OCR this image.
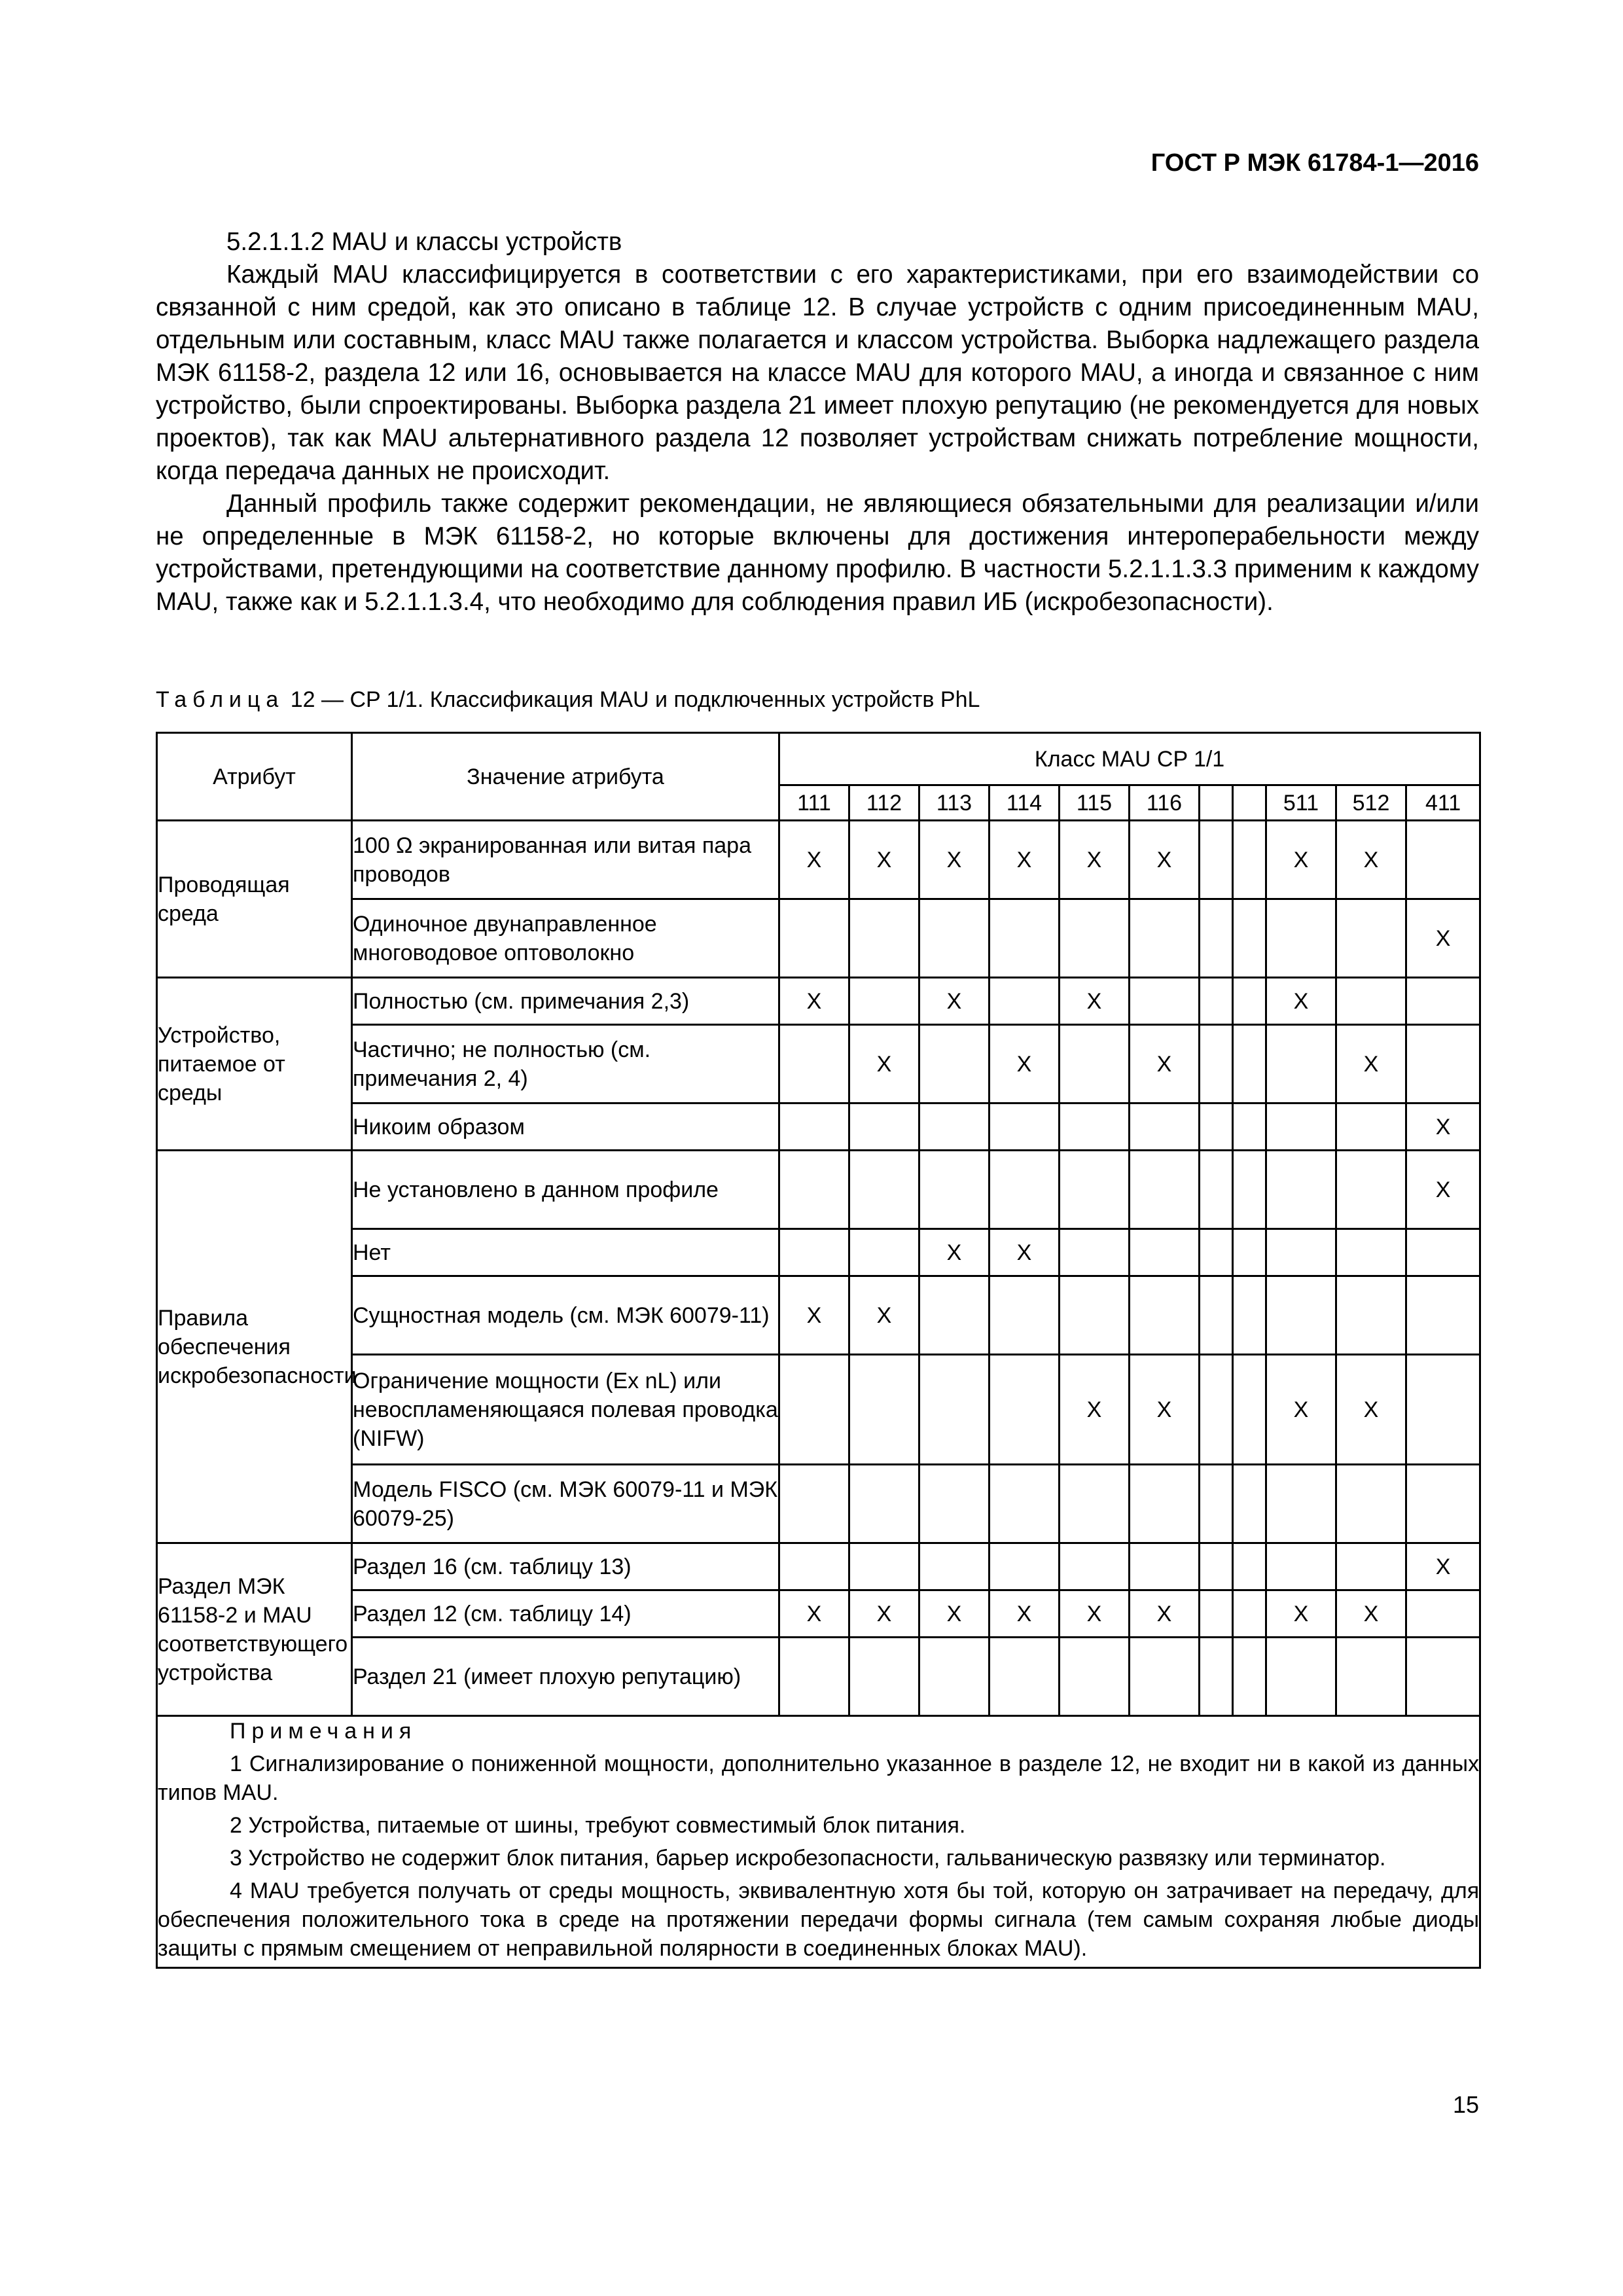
ГОСТ Р МЭК 61784-1—2016

5.2.1.1.2 MAU и классы устройств

Каждый MAU классифицируется в соответствии с его характеристиками, при его взаимодействии со связанной с ним средой, как это описано в таблице 12. В случае устройств с одним присоединенным MAU, отдельным или составным, класс MAU также полагается и классом устройства. Выборка надлежащего раздела МЭК 61158-2, раздела 12 или 16, основывается на классе MAU для которого MAU, а иногда и связанное с ним устройство, были спроектированы. Выборка раздела 21 имеет плохую репутацию (не рекомендуется для новых проектов), так как MAU альтернативного раздела 12 позволяет устройствам снижать потребление мощности, когда передача данных не происходит.

Данный профиль также содержит рекомендации, не являющиеся обязательными для реализации и/или не определенные в МЭК 61158-2, но которые включены для достижения интероперабельности между устройствами, претендующими на соответствие данному профилю. В частности 5.2.1.1.3.3 применим к каждому MAU, также как и 5.2.1.1.3.4, что необходимо для соблюдения правил ИБ (искробезопасности).

Таблица 12 — CP 1/1. Классификация MAU и подключенных устройств PhL
Атрибут	Значение атрибута	Класс MAU CP 1/1										
		111	112	113	114	115	116			511	512	411
Проводящая среда	100 Ω экранированная или витая пара проводов	X	X	X	X	X	X			X	X	
	Одиночное двунаправленное многоводовое оптоволокно											X
Устройство, питаемое от среды	Полностью (см. примечания 2,3)	X		X		X				X		
	Частично; не полностью (см. примечания 2, 4)		X		X		X				X	
	Никоим образом											X
Правила обеспечения искробезопасности	Не установлено в данном профиле											X
	Нет			X	X							
	Сущностная модель (см. МЭК 60079-11)	X	X									
	Ограничение мощности (Ex nL) или невоспламеняющаяся полевая проводка (NIFW)					X	X			X	X	
	Модель FISCO (см. МЭК 60079-11 и МЭК 60079-25)											
Раздел МЭК 61158-2 и MAU соответствующего устройства	Раздел 16 (см. таблицу 13)											X
	Раздел 12 (см. таблицу 14)	X	X	X	X	X	X			X	X	
	Раздел 21 (имеет плохую репутацию)											

Примечания

1 Сигнализирование о пониженной мощности, дополнительно указанное в разделе 12, не входит ни в какой из данных типов MAU.

2 Устройства, питаемые от шины, требуют совместимый блок питания.

3 Устройство не содержит блок питания, барьер искробезопасности, гальваническую развязку или терминатор.

4 MAU требуется получать от среды мощность, эквивалентную хотя бы той, которую он затрачивает на передачу, для обеспечения положительного тока в среде на протяжении передачи формы сигнала (тем самым сохраняя любые диоды защиты с прямым смещением от неправильной полярности в соединенных блоках MAU).												

15
